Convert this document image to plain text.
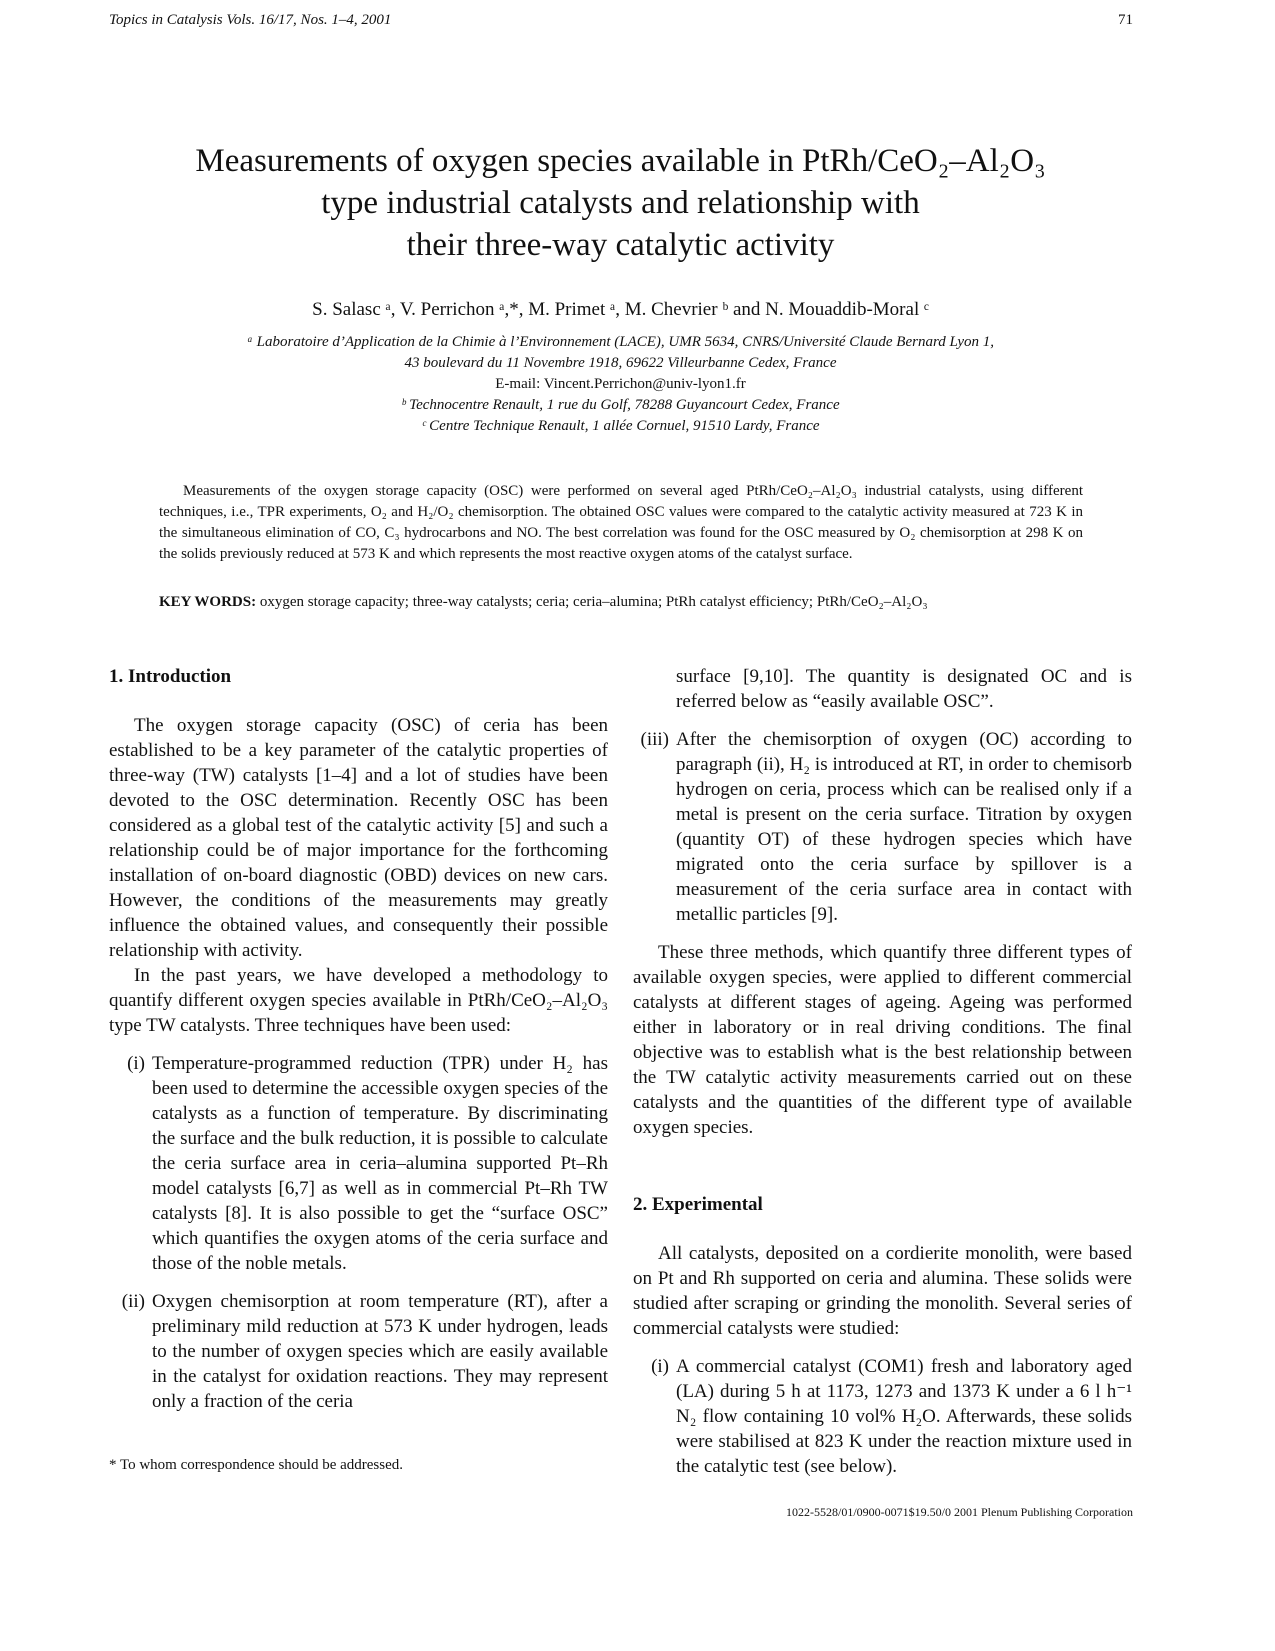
Topics in Catalysis Vols. 16/17, Nos. 1–4, 2001	71
Measurements of oxygen species available in PtRh/CeO₂–Al₂O₃
type industrial catalysts and relationship with
their three-way catalytic activity
S. Salasc ᵃ, V. Perrichon ᵃ,*, M. Primet ᵃ, M. Chevrier ᵇ and N. Mouaddib-Moral ᶜ
ᵃ Laboratoire d’Application de la Chimie à l’Environnement (LACE), UMR 5634, CNRS/Université Claude Bernard Lyon 1,
43 boulevard du 11 Novembre 1918, 69622 Villeurbanne Cedex, France
E-mail: Vincent.Perrichon@univ-lyon1.fr
ᵇ Technocentre Renault, 1 rue du Golf, 78288 Guyancourt Cedex, France
ᶜ Centre Technique Renault, 1 allée Cornuel, 91510 Lardy, France
Measurements of the oxygen storage capacity (OSC) were performed on several aged PtRh/CeO₂–Al₂O₃ industrial catalysts, using different techniques, i.e., TPR experiments, O₂ and H₂/O₂ chemisorption. The obtained OSC values were compared to the catalytic activity measured at 723 K in the simultaneous elimination of CO, C₃ hydrocarbons and NO. The best correlation was found for the OSC measured by O₂ chemisorption at 298 K on the solids previously reduced at 573 K and which represents the most reactive oxygen atoms of the catalyst surface.
KEY WORDS: oxygen storage capacity; three-way catalysts; ceria; ceria–alumina; PtRh catalyst efficiency; PtRh/CeO₂–Al₂O₃
1. Introduction

The oxygen storage capacity (OSC) of ceria has been established to be a key parameter of the catalytic properties of three-way (TW) catalysts [1–4] and a lot of studies have been devoted to the OSC determination. Recently OSC has been considered as a global test of the catalytic activity [5] and such a relationship could be of major importance for the forthcoming installation of on-board diagnostic (OBD) devices on new cars. However, the conditions of the measurements may greatly influence the obtained values, and consequently their possible relationship with activity.

In the past years, we have developed a methodology to quantify different oxygen species available in PtRh/CeO₂–Al₂O₃ type TW catalysts. Three techniques have been used:

(i) Temperature-programmed reduction (TPR) under H₂ has been used to determine the accessible oxygen species of the catalysts as a function of temperature. By discriminating the surface and the bulk reduction, it is possible to calculate the ceria surface area in ceria–alumina supported Pt–Rh model catalysts [6,7] as well as in commercial Pt–Rh TW catalysts [8]. It is also possible to get the “surface OSC” which quantifies the oxygen atoms of the ceria surface and those of the noble metals.
(ii) Oxygen chemisorption at room temperature (RT), after a preliminary mild reduction at 573 K under hydrogen, leads to the number of oxygen species which are easily available in the catalyst for oxidation reactions. They may represent only a fraction of the ceria
surface [9,10]. The quantity is designated OC and is referred below as “easily available OSC”.
(iii) After the chemisorption of oxygen (OC) according to paragraph (ii), H₂ is introduced at RT, in order to chemisorb hydrogen on ceria, process which can be realised only if a metal is present on the ceria surface. Titration by oxygen (quantity OT) of these hydrogen species which have migrated onto the ceria surface by spillover is a measurement of the ceria surface area in contact with metallic particles [9].

These three methods, which quantify three different types of available oxygen species, were applied to different commercial catalysts at different stages of ageing. Ageing was performed either in laboratory or in real driving conditions. The final objective was to establish what is the best relationship between the TW catalytic activity measurements carried out on these catalysts and the quantities of the different type of available oxygen species.

2. Experimental

All catalysts, deposited on a cordierite monolith, were based on Pt and Rh supported on ceria and alumina. These solids were studied after scraping or grinding the monolith. Several series of commercial catalysts were studied:

(i) A commercial catalyst (COM1) fresh and laboratory aged (LA) during 5 h at 1173, 1273 and 1373 K under a 6 l h⁻¹ N₂ flow containing 10 vol% H₂O. Afterwards, these solids were stabilised at 823 K under the reaction mixture used in the catalytic test (see below).
* To whom correspondence should be addressed.
1022-5528/01/0900-0071$19.50/0 2001 Plenum Publishing Corporation
